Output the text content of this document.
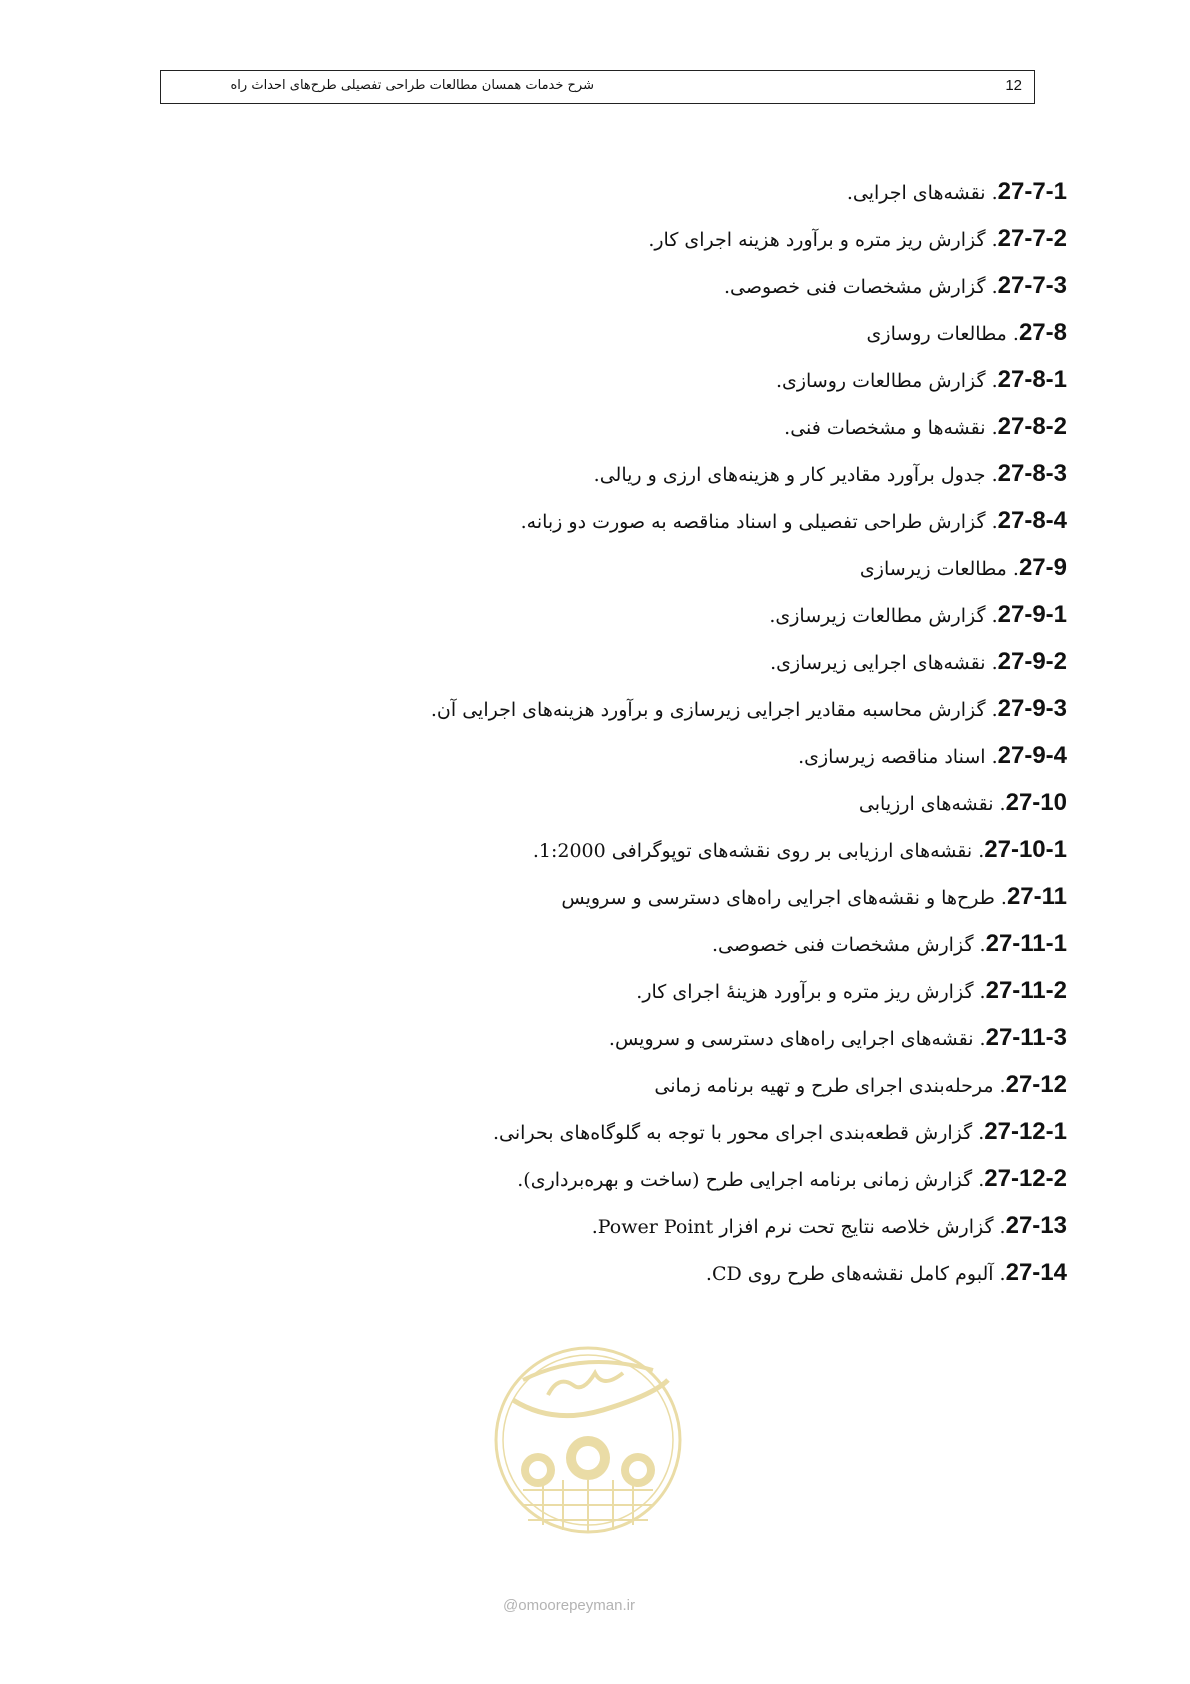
شرح خدمات همسان مطالعات طراحی تفصیلی طرح‌های احداث راه	12
27-7-1. نقشه‌های اجرایی.
27-7-2. گزارش ریز متره و برآورد هزینه اجرای کار.
27-7-3. گزارش مشخصات فنی خصوصی.
27-8. مطالعات روسازی
27-8-1. گزارش مطالعات روسازی.
27-8-2. نقشه‌ها و مشخصات فنی.
27-8-3. جدول برآورد مقادیر کار و هزینه‌های ارزی و ریالی.
27-8-4. گزارش طراحی تفصیلی و اسناد مناقصه به صورت دو زبانه.
27-9. مطالعات زیرسازی
27-9-1. گزارش مطالعات زیرسازی.
27-9-2. نقشه‌های اجرایی زیرسازی.
27-9-3. گزارش محاسبه مقادیر اجرایی زیرسازی و برآورد هزینه‌های اجرایی آن.
27-9-4. اسناد مناقصه زیرسازی.
27-10. نقشه‌های ارزیابی
27-10-1. نقشه‌های ارزیابی بر روی نقشه‌های توپوگرافی 1:2000.
27-11. طرح‌ها و نقشه‌های اجرایی راه‌های دسترسی و سرویس
27-11-1. گزارش مشخصات فنی خصوصی.
27-11-2. گزارش ریز متره و برآورد هزینهٔ اجرای کار.
27-11-3. نقشه‌های اجرایی راه‌های دسترسی و سرویس.
27-12. مرحله‌بندی اجرای طرح و تهیه برنامه زمانی
27-12-1. گزارش قطعه‌بندی اجرای محور با توجه به گلوگاه‌های بحرانی.
27-12-2. گزارش زمانی برنامه اجرایی طرح (ساخت و بهره‌برداری).
27-13. گزارش خلاصه نتایج تحت نرم افزار Power Point.
27-14. آلبوم کامل نقشه‌های طرح روی CD.
@omoorepeyman.ir
